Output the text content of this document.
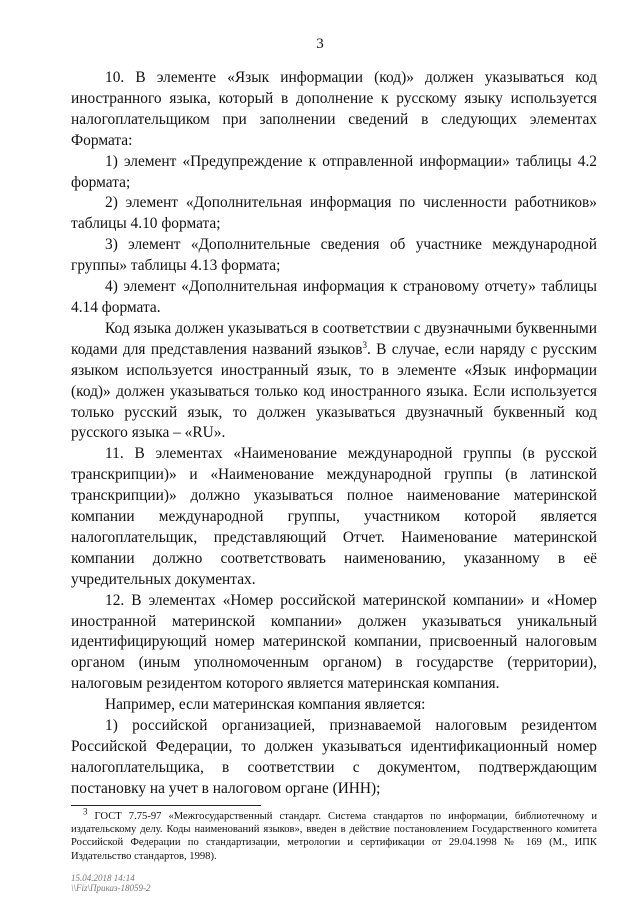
3

10. В элементе «Язык информации (код)» должен указываться код иностранного языка, который в дополнение к русскому языку используется налогоплательщиком при заполнении сведений в следующих элементах Формата:

1) элемент «Предупреждение к отправленной информации» таблицы 4.2 формата;

2) элемент «Дополнительная информация по численности работников» таблицы 4.10 формата;

3) элемент «Дополнительные сведения об участнике международной группы» таблицы 4.13 формата;

4) элемент «Дополнительная информация к страновому отчету» таблицы 4.14 формата.

Код языка должен указываться в соответствии с двузначными буквенными кодами для представления названий языков$^3$. В случае, если наряду с русским языком используется иностранный язык, то в элементе «Язык информации (код)» должен указываться только код иностранного языка. Если используется только русский язык, то должен указываться двузначный буквенный код русского языка – «RU».

11. В элементах «Наименование международной группы (в русской транскрипции)» и «Наименование международной группы (в латинской транскрипции)» должно указываться полное наименование материнской компании международной группы, участником которой является налогоплательщик, представляющий Отчет. Наименование материнской компании должно соответствовать наименованию, указанному в её учредительных документах.

12. В элементах «Номер российской материнской компании» и «Номер иностранной материнской компании» должен указываться уникальный идентифицирующий номер материнской компании, присвоенный налоговым органом (иным уполномоченным органом) в государстве (территории), налоговым резидентом которого является материнская компания.

Например, если материнская компания является:

1) российской организацией, признаваемой налоговым резидентом Российской Федерации, то должен указываться идентификационный номер налогоплательщика, в соответствии с документом, подтверждающим постановку на учет в налоговом органе (ИНН);

$^3$ ГОСТ 7.75-97 «Межгосударственный стандарт. Система стандартов по информации, библиотечному и издательскому делу. Коды наименований языков», введен в действие постановлением Государственного комитета Российской Федерации по стандартизации, метрологии и сертификации от 29.04.1998 № 169 (М., ИПК Издательство стандартов, 1998).

15.04.2018 14:14
\\Fiz\Приказ-18059-2
